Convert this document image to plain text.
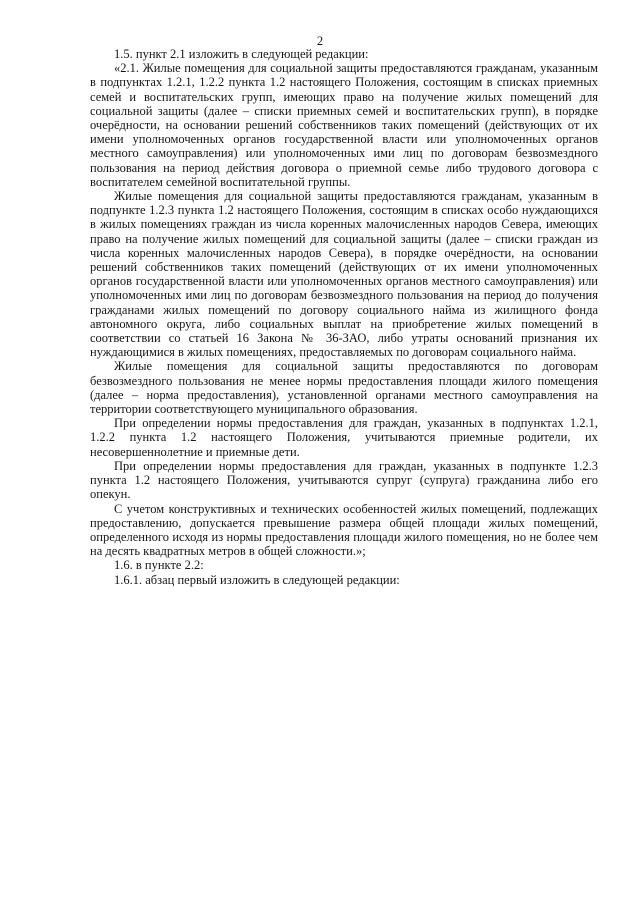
2

1.5. пункт 2.1 изложить в следующей редакции:

«2.1. Жилые помещения для социальной защиты предоставляются гражданам, указанным в подпунктах 1.2.1, 1.2.2 пункта 1.2 настоящего Положения, состоящим в списках приемных семей и воспитательских групп, имеющих право на получение жилых помещений для социальной защиты (далее – списки приемных семей и воспитательских групп), в порядке очерёдности, на основании решений собственников таких помещений (действующих от их имени уполномоченных органов государственной власти или уполномоченных органов местного самоуправления) или уполномоченных ими лиц по договорам безвозмездного пользования на период действия договора о приемной семье либо трудового договора с воспитателем семейной воспитательной группы.

Жилые помещения для социальной защиты предоставляются гражданам, указанным в подпункте 1.2.3 пункта 1.2 настоящего Положения, состоящим в списках особо нуждающихся в жилых помещениях граждан из числа коренных малочисленных народов Севера, имеющих право на получение жилых помещений для социальной защиты (далее – списки граждан из числа коренных малочисленных народов Севера), в порядке очерёдности, на основании решений собственников таких помещений (действующих от их имени уполномоченных органов государственной власти или уполномоченных органов местного самоуправления) или уполномоченных ими лиц по договорам безвозмездного пользования на период до получения гражданами жилых помещений по договору социального найма из жилищного фонда автономного округа, либо социальных выплат на приобретение жилых помещений в соответствии со статьей 16 Закона № 36-ЗАО, либо утраты оснований признания их нуждающимися в жилых помещениях, предоставляемых по договорам социального найма.

Жилые помещения для социальной защиты предоставляются по договорам безвозмездного пользования не менее нормы предоставления площади жилого помещения (далее – норма предоставления), установленной органами местного самоуправления на территории соответствующего муниципального образования.

При определении нормы предоставления для граждан, указанных в подпунктах 1.2.1, 1.2.2 пункта 1.2 настоящего Положения, учитываются приемные родители, их несовершеннолетние и приемные дети.

При определении нормы предоставления для граждан, указанных в подпункте 1.2.3 пункта 1.2 настоящего Положения, учитываются супруг (супруга) гражданина либо его опекун.

С учетом конструктивных и технических особенностей жилых помещений, подлежащих предоставлению, допускается превышение размера общей площади жилых помещений, определенного исходя из нормы предоставления площади жилого помещения, но не более чем на десять квадратных метров в общей сложности.»;

1.6. в пункте 2.2:

1.6.1. абзац первый изложить в следующей редакции:
